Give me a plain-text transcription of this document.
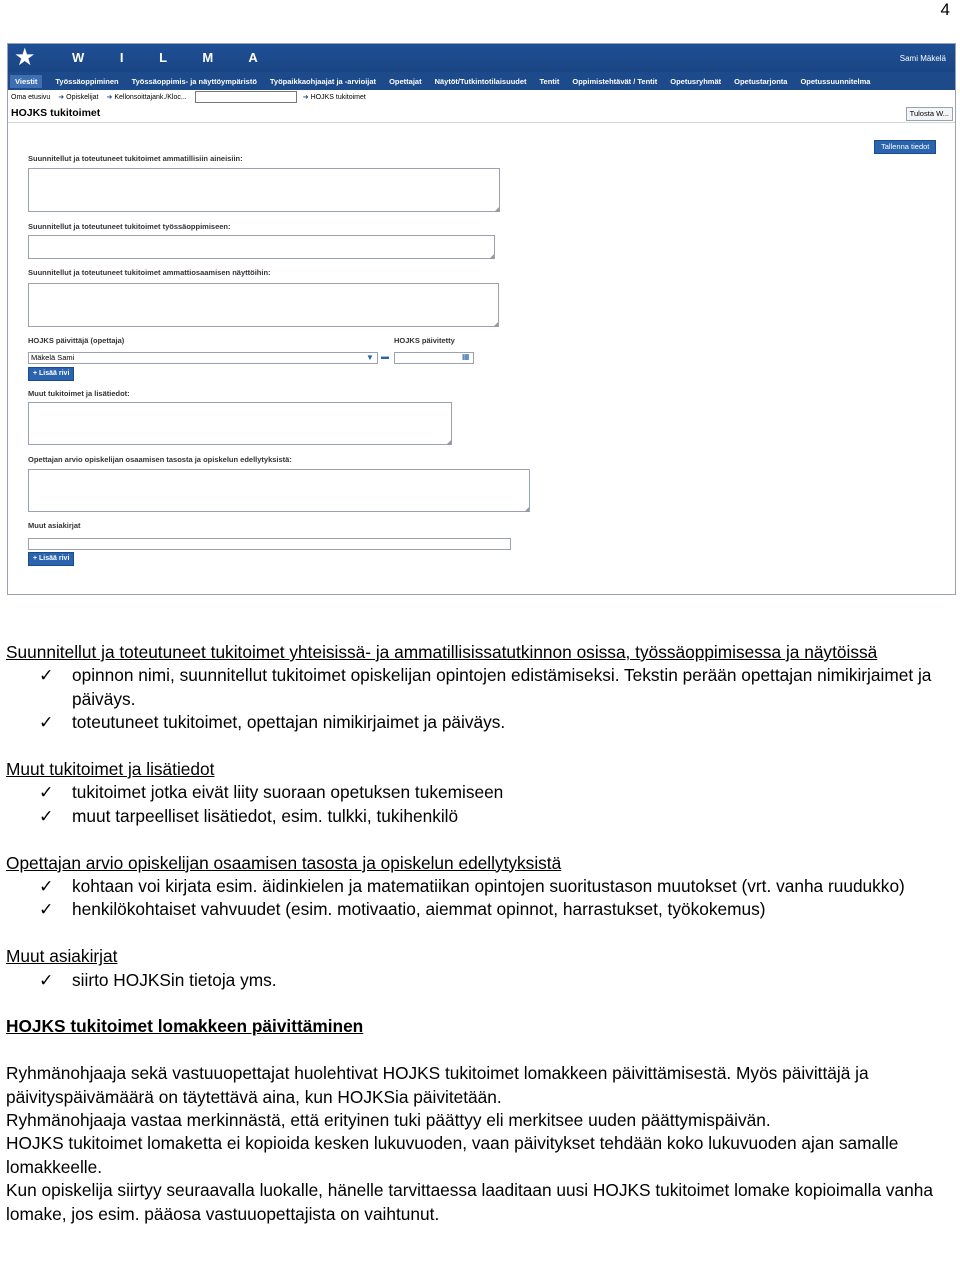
4
★	W I L M A	Sami Mäkelä
Viestit	Työssäoppiminen Työssäoppimis- ja näyttöympäristö Työpaikkaohjaajat ja -arvioijat Opettajat Näytöt/Tutkintotilaisuudet Tentit Oppimistehtävät / Tentit Opetusryhmät Opetustarjonta Opetussuunnitelma
Oma etusivu ➜ Opiskelijat ➜ Kellonsoittajank./Kloc...	➜ HOJKS tukitoimet
HOJKS tukitoimet	Tulosta W...
Tallenna tiedot
Suunnitellut ja toteutuneet tukitoimet ammatillisiin aineisiin:
◢
Suunnitellut ja toteutuneet tukitoimet työssäoppimiseen:
◢
Suunnitellut ja toteutuneet tukitoimet ammattiosaamisen näyttöihin:
◢
HOJKS päivittäjä (opettaja)	HOJKS päivitetty
Mäkelä Sami	▼ ▬	▦
+ Lisää rivi
Muut tukitoimet ja lisätiedot:
◢
Opettajan arvio opiskelijan osaamisen tasosta ja opiskelun edellytyksistä:
◢
Muut asiakirjat
+ Lisää rivi

Suunnitellut ja toteutuneet tukitoimet yhteisissä- ja ammatillisissatutkinnon osissa, työssäoppimisessa ja näytöissä

✓ opinnon nimi, suunnitellut tukitoimet opiskelijan opintojen edistämiseksi. Tekstin perään opettajan nimikirjaimet ja päiväys.
✓ toteutuneet tukitoimet, opettajan nimikirjaimet ja päiväys.

Muut tukitoimet ja lisätiedot

✓ tukitoimet jotka eivät liity suoraan opetuksen tukemiseen
✓ muut tarpeelliset lisätiedot, esim. tulkki, tukihenkilö

Opettajan arvio opiskelijan osaamisen tasosta ja opiskelun edellytyksistä

✓ kohtaan voi kirjata esim. äidinkielen ja matematiikan opintojen suoritustason muutokset (vrt. vanha ruudukko)
✓ henkilökohtaiset vahvuudet (esim. motivaatio, aiemmat opinnot, harrastukset, työkokemus)

Muut asiakirjat

✓ siirto HOJKSin tietoja yms.

HOJKS tukitoimet lomakkeen päivittäminen

Ryhmänohjaaja sekä vastuuopettajat huolehtivat HOJKS tukitoimet lomakkeen päivittämisestä. Myös päivittäjä ja päivityspäivämäärä on täytettävä aina, kun HOJKSia päivitetään.

Ryhmänohjaaja vastaa merkinnästä, että erityinen tuki päättyy eli merkitsee uuden päättymispäivän.

HOJKS tukitoimet lomaketta ei kopioida kesken lukuvuoden, vaan päivitykset tehdään koko lukuvuoden ajan samalle lomakkeelle.

Kun opiskelija siirtyy seuraavalla luokalle, hänelle tarvittaessa laaditaan uusi HOJKS tukitoimet lomake kopioimalla vanha lomake, jos esim. pääosa vastuuopettajista on vaihtunut.
